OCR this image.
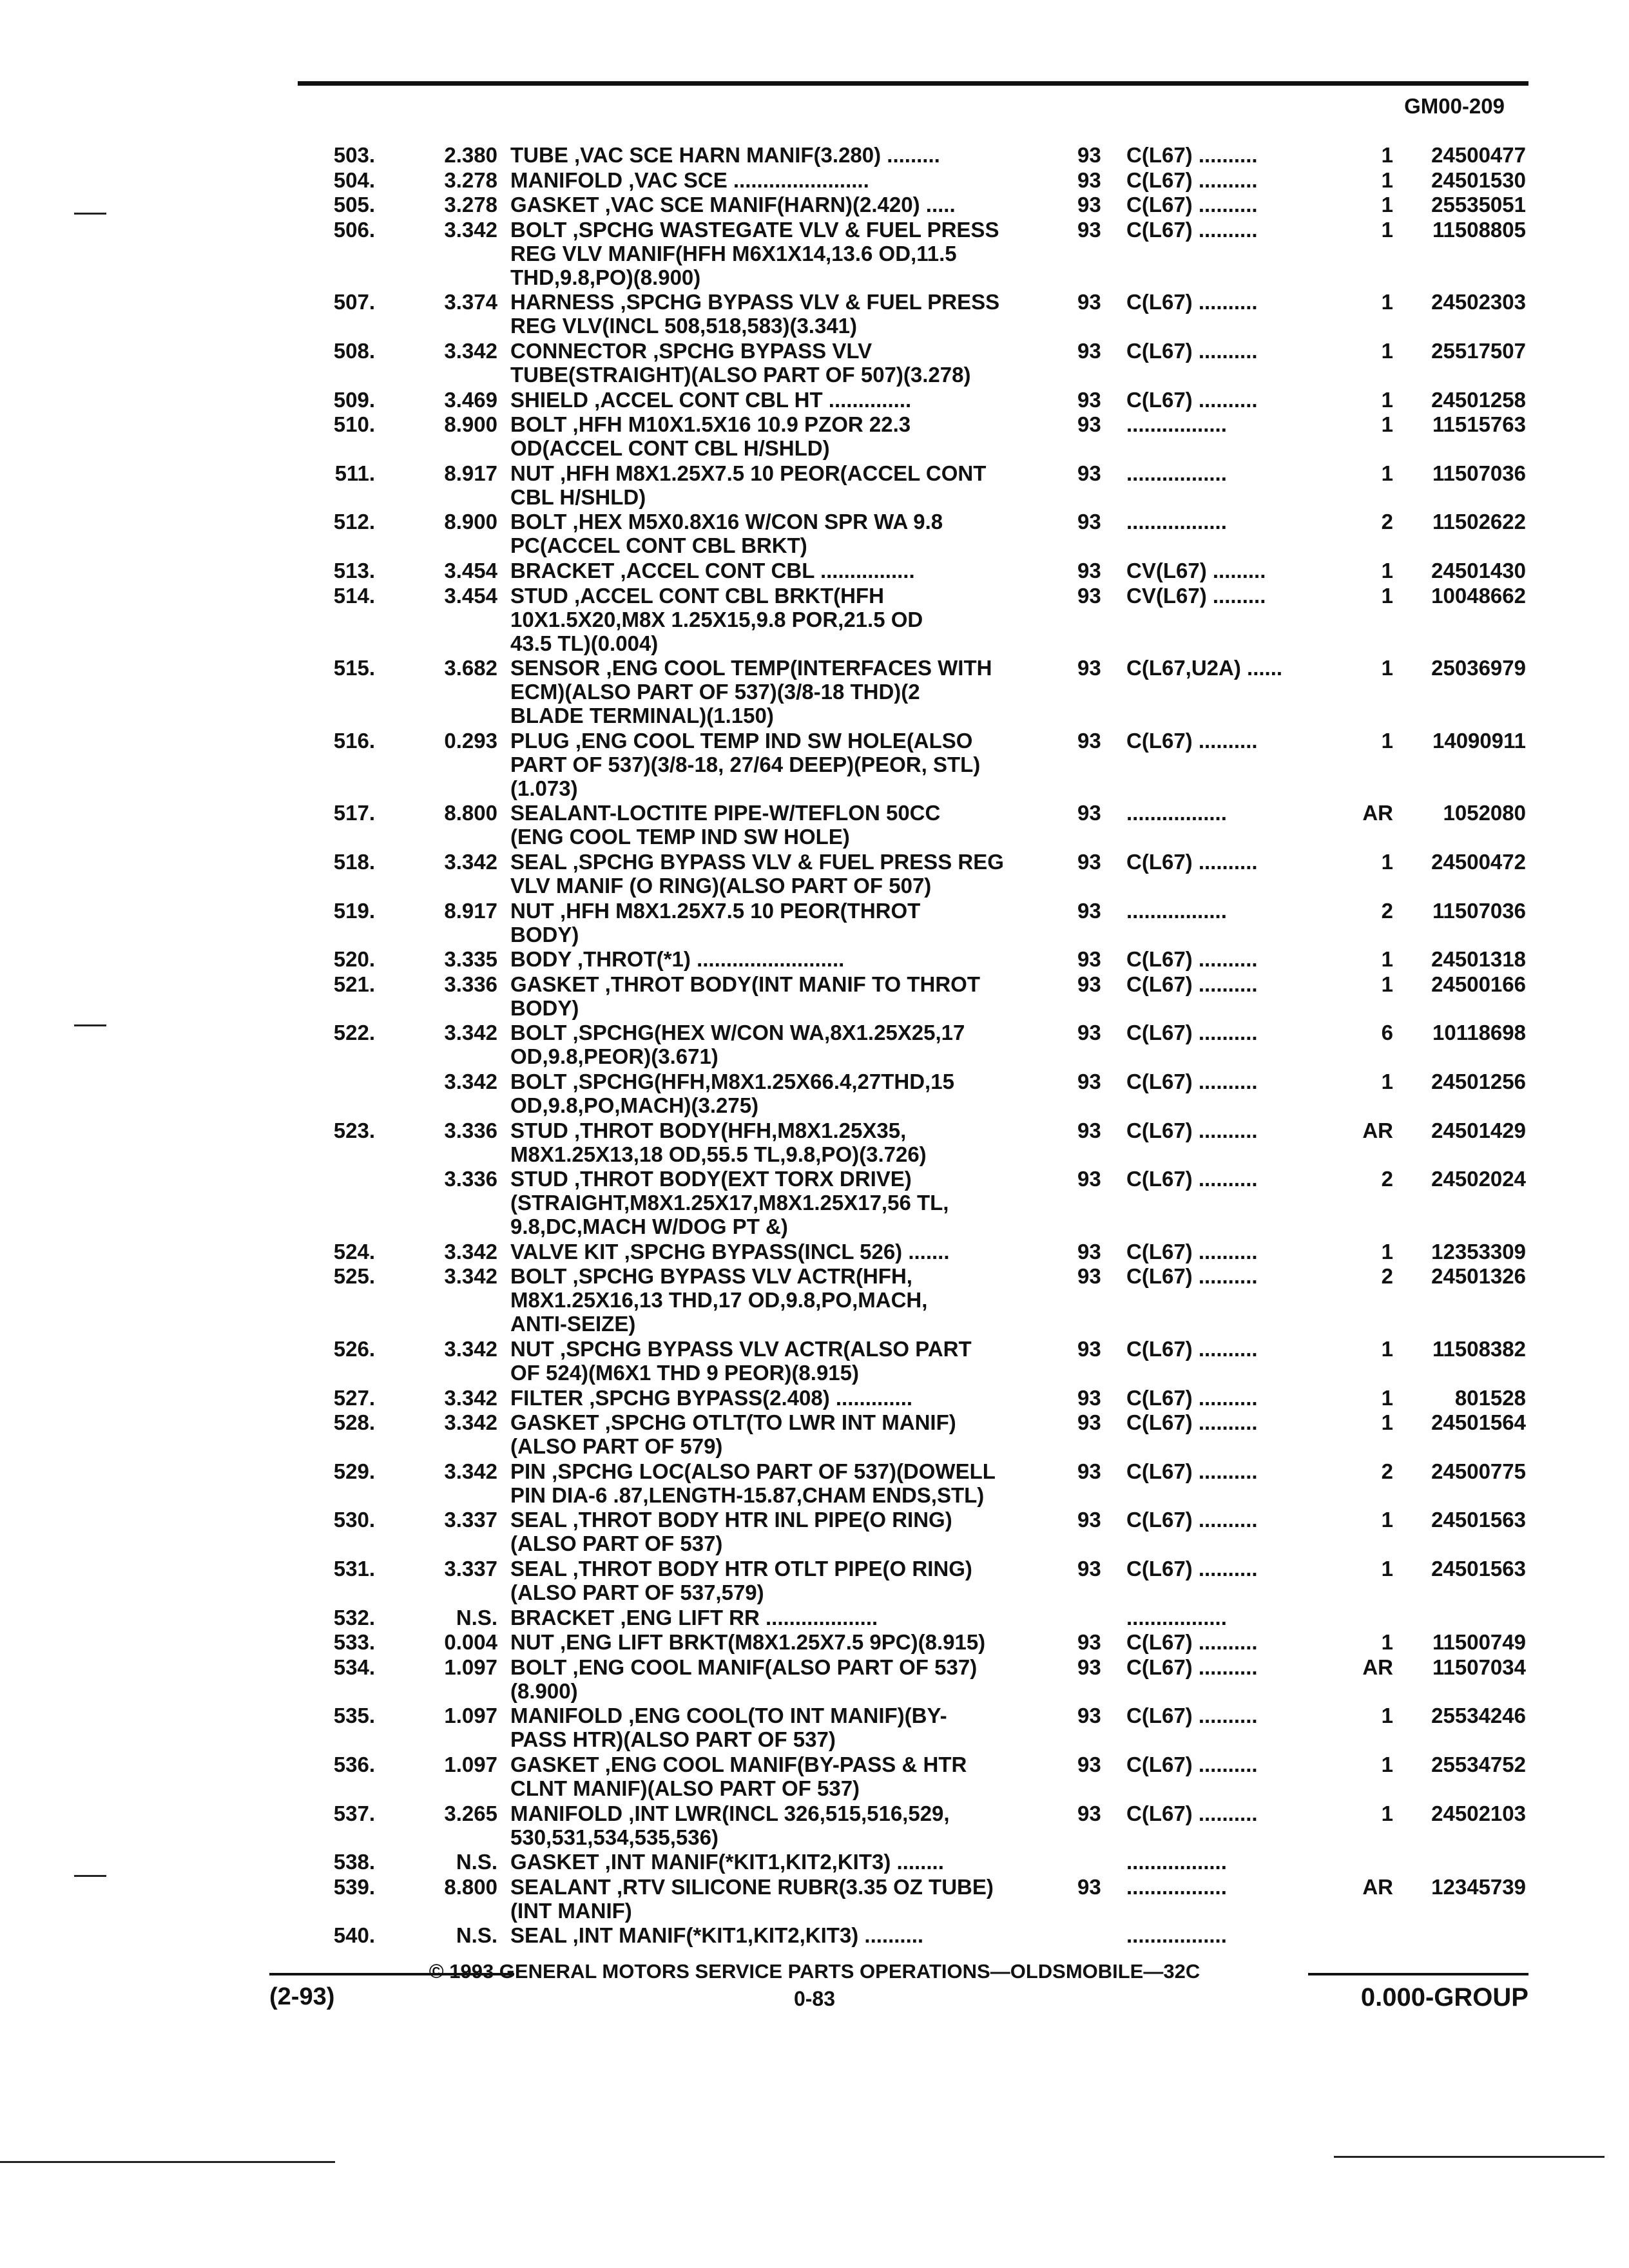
GM00-209
503.	2.380 TUBE ,VAC SCE HARN MANIF(3.280) .........	93	C(L67) ..........	1	24500477
504.	3.278 MANIFOLD ,VAC SCE .......................	93	C(L67) ..........	1	24501530
505.	3.278 GASKET ,VAC SCE MANIF(HARN)(2.420) .....	93	C(L67) ..........	1	25535051
506.	3.342 BOLT ,SPCHG WASTEGATE VLV & FUEL PRESS
REG VLV MANIF(HFH M6X1X14,13.6 OD,11.5
THD,9.8,PO)(8.900)
93	C(L67) ..........	1	11508805
507.	3.374 HARNESS ,SPCHG BYPASS VLV & FUEL PRESS
REG VLV(INCL 508,518,583)(3.341)
93	C(L67) ..........	1	24502303
508.	3.342 CONNECTOR ,SPCHG BYPASS VLV
TUBE(STRAIGHT)(ALSO PART OF 507)(3.278)
93	C(L67) ..........	1	25517507
509.	3.469 SHIELD ,ACCEL CONT CBL HT ..............	93	C(L67) ..........	1	24501258
510.	8.900 BOLT ,HFH M10X1.5X16 10.9 PZOR 22.3
OD(ACCEL CONT CBL H/SHLD)
93	.................	1	11515763
511.	8.917 NUT ,HFH M8X1.25X7.5 10 PEOR(ACCEL CONT
CBL H/SHLD)
93	.................	1	11507036
512.	8.900 BOLT ,HEX M5X0.8X16 W/CON SPR WA 9.8
PC(ACCEL CONT CBL BRKT)
93	.................	2	11502622
513.	3.454 BRACKET ,ACCEL CONT CBL ................	93	CV(L67) .........	1	24501430
514.	3.454 STUD ,ACCEL CONT CBL BRKT(HFH
10X1.5X20,M8X 1.25X15,9.8 POR,21.5 OD
43.5 TL)(0.004)
93	CV(L67) .........	1	10048662
515.	3.682 SENSOR ,ENG COOL TEMP(INTERFACES WITH
ECM)(ALSO PART OF 537)(3/8-18 THD)(2
BLADE TERMINAL)(1.150)
93	C(L67,U2A) ......	1	25036979
516.	0.293 PLUG ,ENG COOL TEMP IND SW HOLE(ALSO
PART OF 537)(3/8-18, 27/64 DEEP)(PEOR, STL)
(1.073)
93	C(L67) ..........	1	14090911
517.	8.800 SEALANT-LOCTITE PIPE-W/TEFLON 50CC
(ENG COOL TEMP IND SW HOLE)
93	.................	AR	1052080
518.	3.342 SEAL ,SPCHG BYPASS VLV & FUEL PRESS REG
VLV MANIF (O RING)(ALSO PART OF 507)
93	C(L67) ..........	1	24500472
519.	8.917 NUT ,HFH M8X1.25X7.5 10 PEOR(THROT
BODY)
93	.................	2	11507036
520.	3.335 BODY ,THROT(*1) .........................	93	C(L67) ..........	1	24501318
521.	3.336 GASKET ,THROT BODY(INT MANIF TO THROT
BODY)
93	C(L67) ..........	1	24500166
522.	3.342 BOLT ,SPCHG(HEX W/CON WA,8X1.25X25,17
OD,9.8,PEOR)(3.671)
93	C(L67) ..........	6	10118698
3.342 BOLT ,SPCHG(HFH,M8X1.25X66.4,27THD,15
OD,9.8,PO,MACH)(3.275)
93	C(L67) ..........	1	24501256
523.	3.336 STUD ,THROT BODY(HFH,M8X1.25X35,
M8X1.25X13,18 OD,55.5 TL,9.8,PO)(3.726)
93	C(L67) ..........	AR	24501429
3.336 STUD ,THROT BODY(EXT TORX DRIVE)
(STRAIGHT,M8X1.25X17,M8X1.25X17,56 TL,
9.8,DC,MACH W/DOG PT &)
93	C(L67) ..........	2	24502024
524.	3.342 VALVE KIT ,SPCHG BYPASS(INCL 526) .......	93	C(L67) ..........	1	12353309
525.	3.342 BOLT ,SPCHG BYPASS VLV ACTR(HFH,
M8X1.25X16,13 THD,17 OD,9.8,PO,MACH,
ANTI-SEIZE)
93	C(L67) ..........	2	24501326
526.	3.342 NUT ,SPCHG BYPASS VLV ACTR(ALSO PART
OF 524)(M6X1 THD 9 PEOR)(8.915)
93	C(L67) ..........	1	11508382
527.	3.342 FILTER ,SPCHG BYPASS(2.408) .............	93	C(L67) ..........	1	801528
528.	3.342 GASKET ,SPCHG OTLT(TO LWR INT MANIF)
(ALSO PART OF 579)
93	C(L67) ..........	1	24501564
529.	3.342 PIN ,SPCHG LOC(ALSO PART OF 537)(DOWELL
PIN DIA-6 .87,LENGTH-15.87,CHAM ENDS,STL)
93	C(L67) ..........	2	24500775
530.	3.337 SEAL ,THROT BODY HTR INL PIPE(O RING)
(ALSO PART OF 537)
93	C(L67) ..........	1	24501563
531.	3.337 SEAL ,THROT BODY HTR OTLT PIPE(O RING)
(ALSO PART OF 537,579)
93	C(L67) ..........	1	24501563
532.	N.S. BRACKET ,ENG LIFT RR ...................	.................
533.	0.004 NUT ,ENG LIFT BRKT(M8X1.25X7.5 9PC)(8.915)	93	C(L67) ..........	1	11500749
534.	1.097 BOLT ,ENG COOL MANIF(ALSO PART OF 537)
(8.900)
93	C(L67) ..........	AR	11507034
535.	1.097 MANIFOLD ,ENG COOL(TO INT MANIF)(BY-
PASS HTR)(ALSO PART OF 537)
93	C(L67) ..........	1	25534246
536.	1.097 GASKET ,ENG COOL MANIF(BY-PASS & HTR
CLNT MANIF)(ALSO PART OF 537)
93	C(L67) ..........	1	25534752
537.	3.265 MANIFOLD ,INT LWR(INCL 326,515,516,529,
530,531,534,535,536)
93	C(L67) ..........	1	24502103
538.	N.S. GASKET ,INT MANIF(*KIT1,KIT2,KIT3) ........	.................
539.	8.800 SEALANT ,RTV SILICONE RUBR(3.35 OZ TUBE)
(INT MANIF)
93	.................	AR	12345739
540.	N.S. SEAL ,INT MANIF(*KIT1,KIT2,KIT3) ..........	.................
© 1993 GENERAL MOTORS SERVICE PARTS OPERATIONS—OLDSMOBILE—32C
(2-93)	0-83	0.000-GROUP
